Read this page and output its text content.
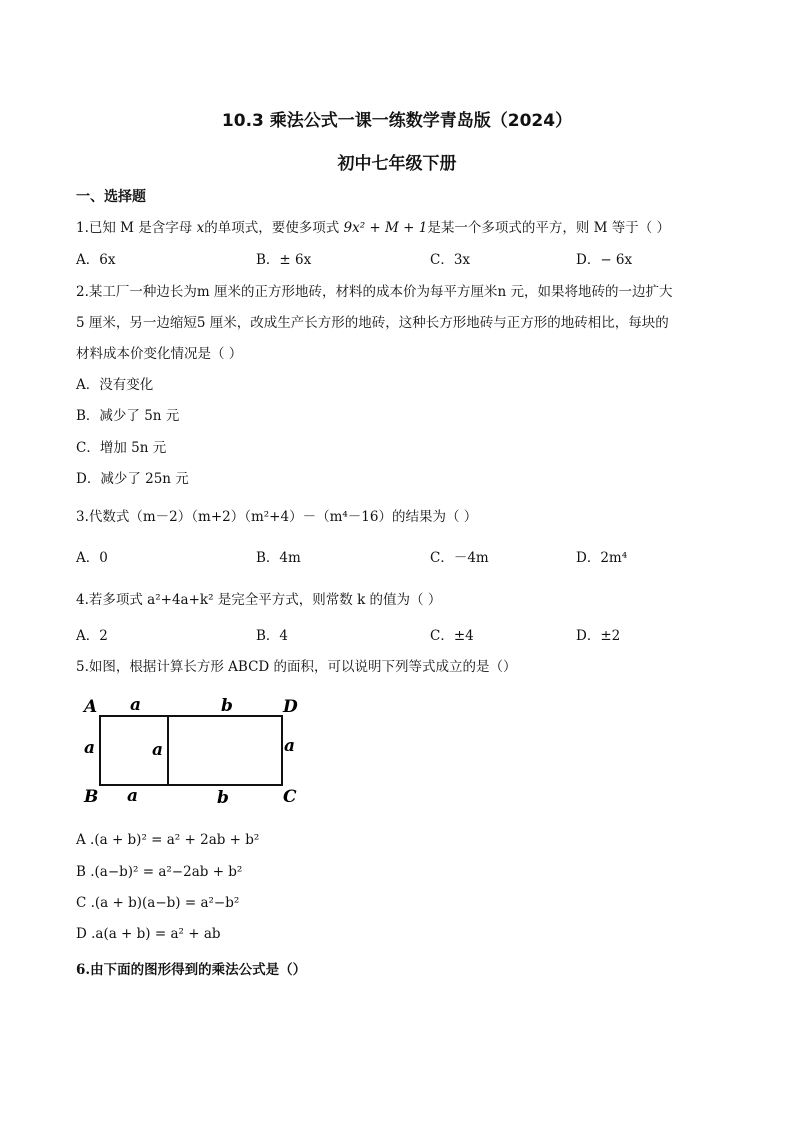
10.3 乘法公式一课一练数学青岛版（2024）
初中七年级下册
一、选择题
1.已知 M 是含字母 x的单项式，要使多项式 9x² + M + 1是某一个多项式的平方，则 M 等于（ ）
A．6x	B．± 6x	C．3x	D．− 6x
2.某工厂一种边长为m 厘米的正方形地砖，材料的成本价为每平方厘米n 元，如果将地砖的一边扩大
5 厘米，另一边缩短5 厘米，改成生产长方形的地砖，这种长方形地砖与正方形的地砖相比，每块的
材料成本价变化情况是（ ）
A．没有变化
B．减少了 5n 元
C．增加 5n 元
D．减少了 25n 元
3.代数式（m－2）（m+2）（m²+4）－（m⁴－16）的结果为（ ）
A．0	B．4m	C．－4m	D．2m⁴
4.若多项式 a²+4a+k² 是完全平方式，则常数 k 的值为（ ）
A．2	B．4	C．±4	D．±2
5.如图，根据计算长方形 ABCD 的面积，可以说明下列等式成立的是（）
A	D
B	C
a	b
a	b
a	a	a
A .(a + b)² = a² + 2ab + b²
B .(a−b)² = a²−2ab + b²
C .(a + b)(a−b) = a²−b²
D .a(a + b) = a² + ab
6.由下面的图形得到的乘法公式是（）
